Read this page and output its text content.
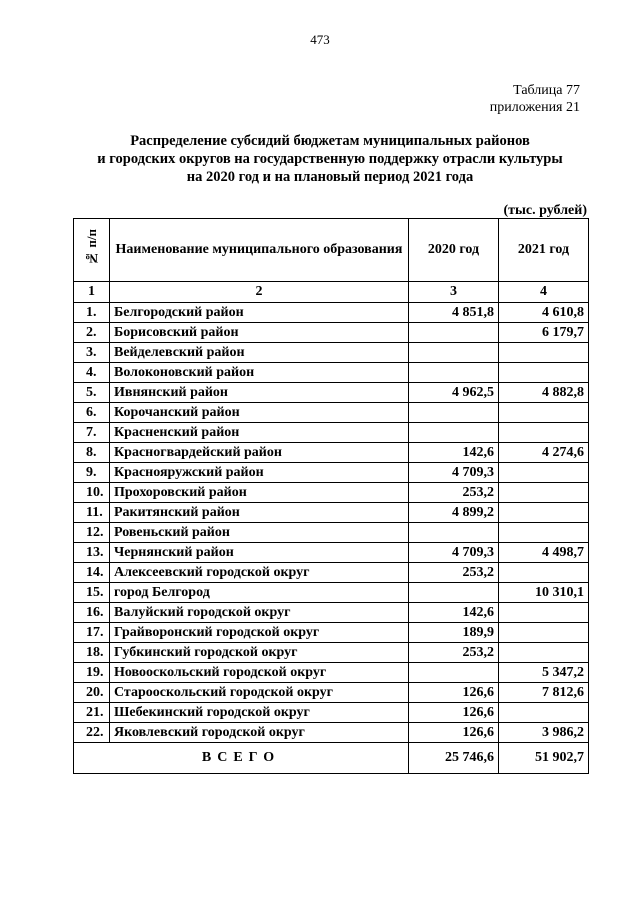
473
Таблица 77
приложения 21
Распределение субсидий бюджетам муниципальных районов
и городских округов на государственную поддержку отрасли культуры
на 2020 год и на плановый период 2021 года
(тыс. рублей)
№ п/п	Наименование муниципального образования	2020 год	2021 год
1	2	3	4
1.	Белгородский район	4 851,8	4 610,8
2.	Борисовский район		6 179,7
3.	Вейделевский район		
4.	Волоконовский район		
5.	Ивнянский район	4 962,5	4 882,8
6.	Корочанский район		
7.	Красненский район		
8.	Красногвардейский район	142,6	4 274,6
9.	Краснояружский район	4 709,3	
10.	Прохоровский район	253,2	
11.	Ракитянский район	4 899,2	
12.	Ровеньский район		
13.	Чернянский район	4 709,3	4 498,7
14.	Алексеевский городской округ	253,2	
15.	город Белгород		10 310,1
16.	Валуйский городской округ	142,6	
17.	Грайворонский городской округ	189,9	
18.	Губкинский городской округ	253,2	
19.	Новооскольский городской округ		5 347,2
20.	Старооскольский городской округ	126,6	7 812,6
21.	Шебекинский городской округ	126,6	
22.	Яковлевский городской округ	126,6	3 986,2
ВСЕГО		25 746,6	51 902,7
